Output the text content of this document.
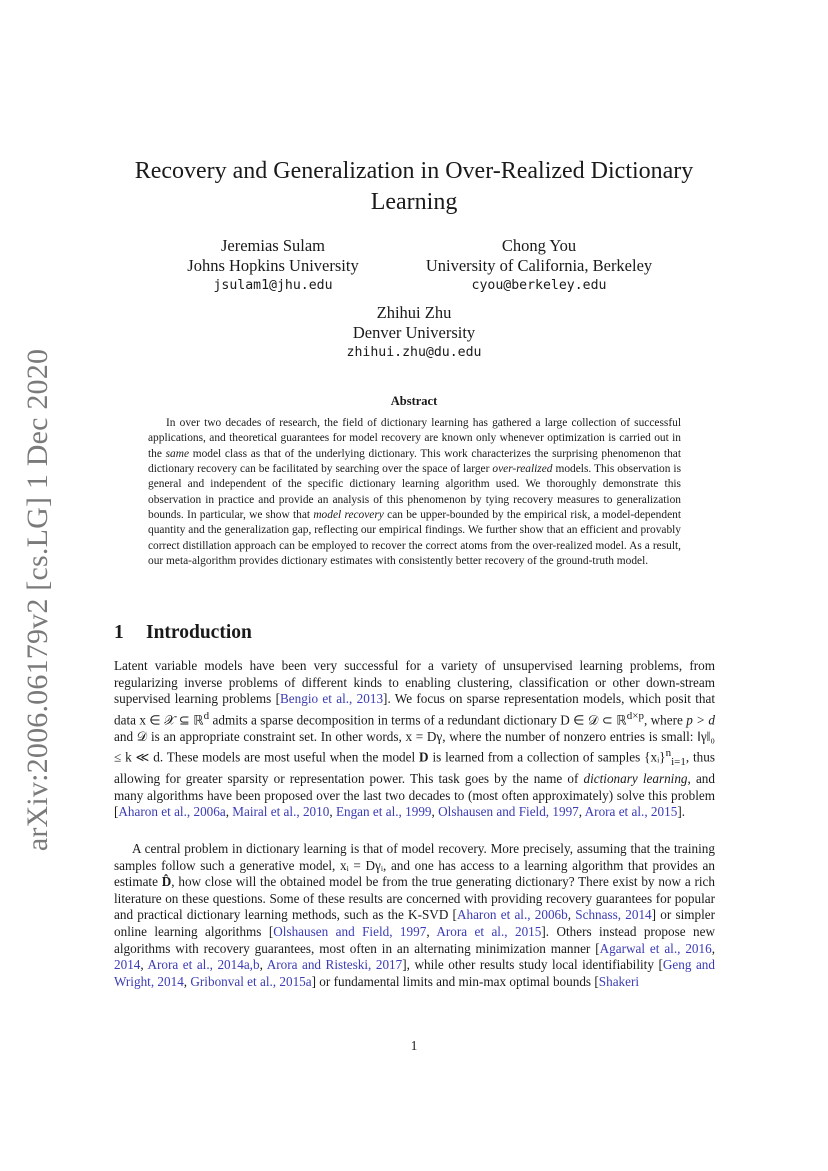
arXiv:2006.06179v2 [cs.LG] 1 Dec 2020
Recovery and Generalization in Over-Realized Dictionary Learning
Jeremias Sulam
Johns Hopkins University
jsulam1@jhu.edu
Chong You
University of California, Berkeley
cyou@berkeley.edu
Zhihui Zhu
Denver University
zhihui.zhu@du.edu
Abstract

In over two decades of research, the field of dictionary learning has gathered a large collection of successful applications, and theoretical guarantees for model recovery are known only whenever optimization is carried out in the same model class as that of the underlying dictionary. This work characterizes the surprising phenomenon that dictionary recovery can be facilitated by searching over the space of larger over-realized models. This observation is general and independent of the specific dictionary learning algorithm used. We thoroughly demonstrate this observation in practice and provide an analysis of this phenomenon by tying recovery measures to generalization bounds. In particular, we show that model recovery can be upper-bounded by the empirical risk, a model-dependent quantity and the generalization gap, reflecting our empirical findings. We further show that an efficient and provably correct distillation approach can be employed to recover the correct atoms from the over-realized model. As a result, our meta-algorithm provides dictionary estimates with consistently better recovery of the ground-truth model.

1 Introduction

Latent variable models have been very successful for a variety of unsupervised learning problems, from regularizing inverse problems of different kinds to enabling clustering, classification or other down-stream supervised learning problems [Bengio et al., 2013]. We focus on sparse representation models, which posit that data x ∈ 𝒳 ⊆ ℝ$^d$ admits a sparse decomposition in terms of a redundant dictionary D ∈ 𝒟 ⊂ ℝ$^{d\times p}$, where p > d and 𝒟 is an appropriate constraint set. In other words, x = Dγ, where the number of nonzero entries is small: ‖γ‖₀ ≤ k ≪ d. These models are most useful when the model D is learned from a collection of samples {xᵢ}$^n_{i=1}$, thus allowing for greater sparsity or representation power. This task goes by the name of dictionary learning, and many algorithms have been proposed over the last two decades to (most often approximately) solve this problem [Aharon et al., 2006a, Mairal et al., 2010, Engan et al., 1999, Olshausen and Field, 1997, Arora et al., 2015].

A central problem in dictionary learning is that of model recovery. More precisely, assuming that the training samples follow such a generative model, xᵢ = Dγᵢ, and one has access to a learning algorithm that provides an estimate D̂, how close will the obtained model be from the true generating dictionary? There exist by now a rich literature on these questions. Some of these results are concerned with providing recovery guarantees for popular and practical dictionary learning methods, such as the K-SVD [Aharon et al., 2006b, Schnass, 2014] or simpler online learning algorithms [Olshausen and Field, 1997, Arora et al., 2015]. Others instead propose new algorithms with recovery guarantees, most often in an alternating minimization manner [Agarwal et al., 2016, 2014, Arora et al., 2014a,b, Arora and Risteski, 2017], while other results study local identifiability [Geng and Wright, 2014, Gribonval et al., 2015a] or fundamental limits and min-max optimal bounds [Shakeri

1
